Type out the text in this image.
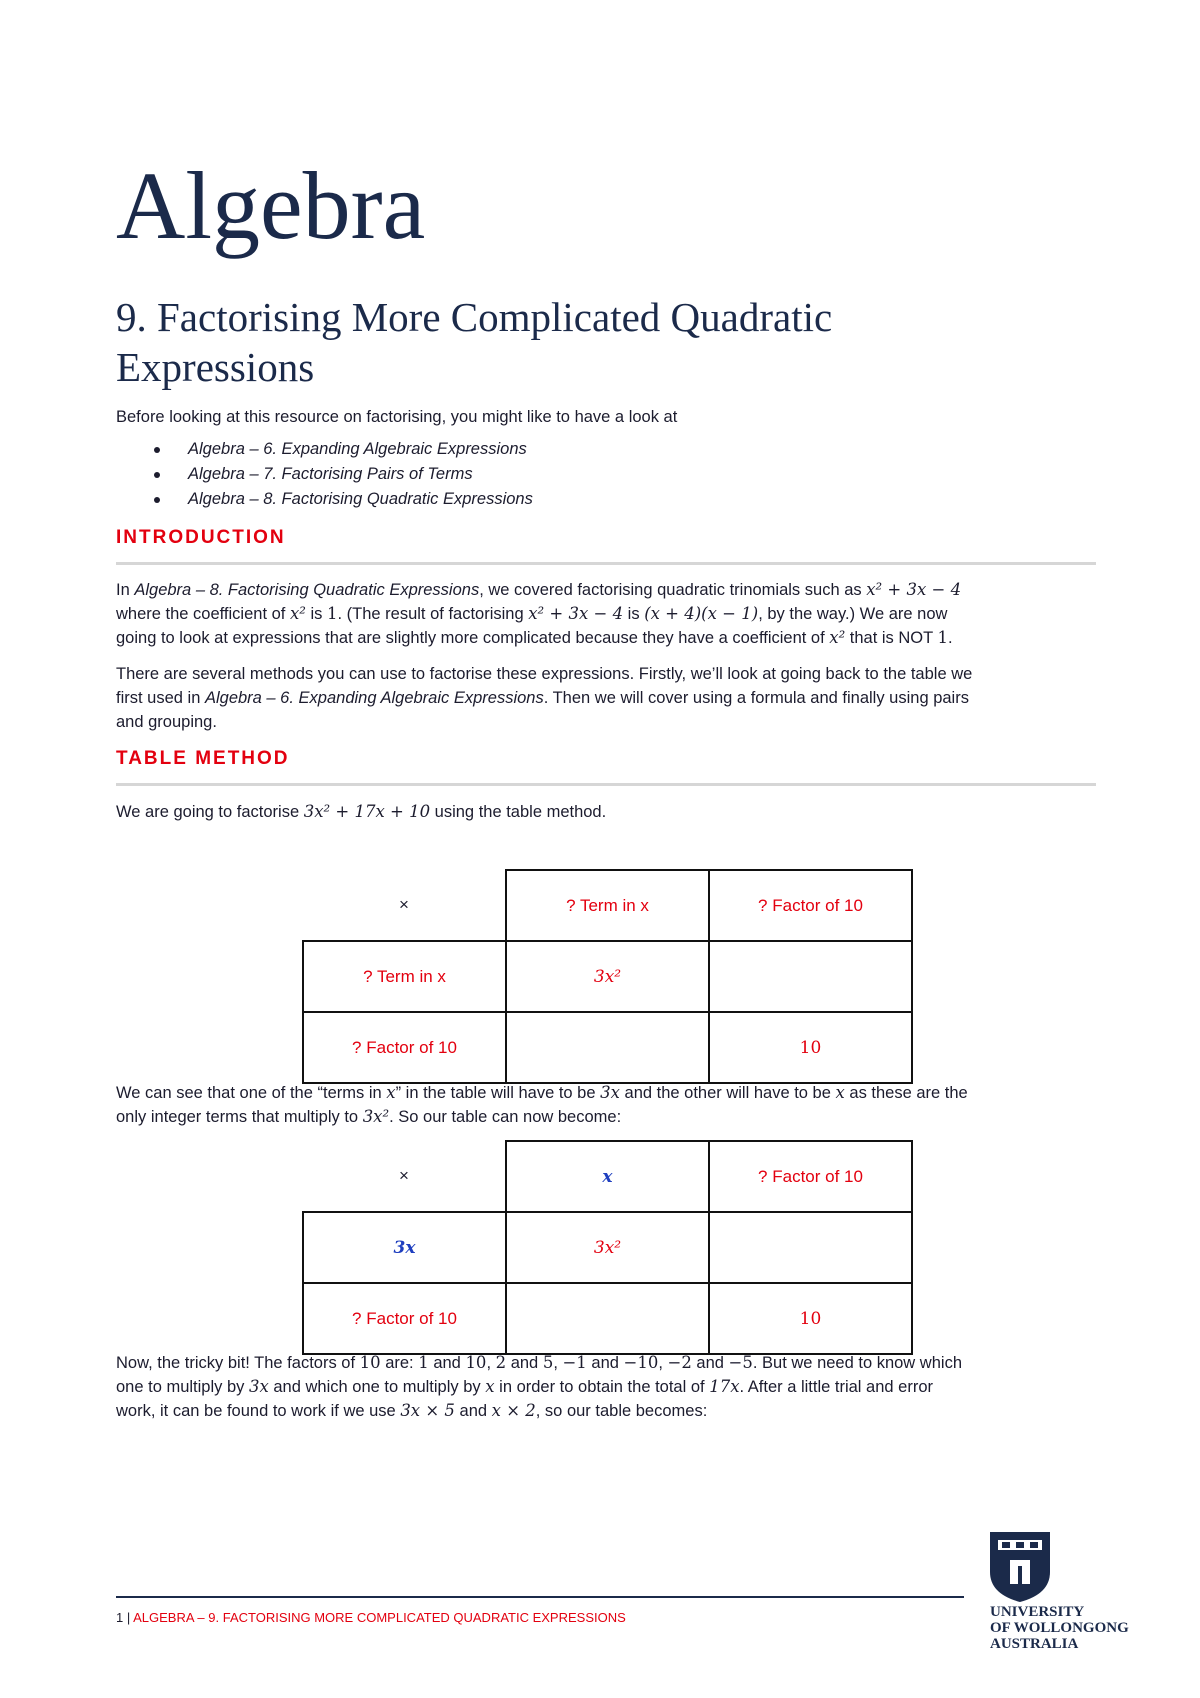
Algebra
9. Factorising More Complicated Quadratic Expressions

Before looking at this resource on factorising, you might like to have a look at

Algebra – 6. Expanding Algebraic Expressions
Algebra – 7. Factorising Pairs of Terms
Algebra – 8. Factorising Quadratic Expressions
INTRODUCTION

In Algebra – 8. Factorising Quadratic Expressions, we covered factorising quadratic trinomials such as x² + 3x − 4
where the coefficient of x² is 1. (The result of factorising x² + 3x − 4 is (x + 4)(x − 1), by the way.) We are now
going to look at expressions that are slightly more complicated because they have a coefficient of x² that is NOT 1.

There are several methods you can use to factorise these expressions. Firstly, we’ll look at going back to the table we
first used in Algebra – 6. Expanding Algebraic Expressions. Then we will cover using a formula and finally using pairs
and grouping.

TABLE METHOD

We are going to factorise 3x² + 17x + 10 using the table method.

×	? Term in x	? Factor of 10
? Term in x	3x²	
? Factor of 10		10

We can see that one of the “terms in x” in the table will have to be 3x and the other will have to be x as these are the
only integer terms that multiply to 3x². So our table can now become:

×	x	? Factor of 10
3x	3x²	
? Factor of 10		10

Now, the tricky bit! The factors of 10 are: 1 and 10, 2 and 5, −1 and −10, −2 and −5. But we need to know which
one to multiply by 3x and which one to multiply by x in order to obtain the total of 17x. After a little trial and error
work, it can be found to work if we use 3x × 5 and x × 2, so our table becomes:

1 | ALGEBRA – 9. FACTORISING MORE COMPLICATED QUADRATIC EXPRESSIONS	UNIVERSITY
OF WOLLONGONG
AUSTRALIA
